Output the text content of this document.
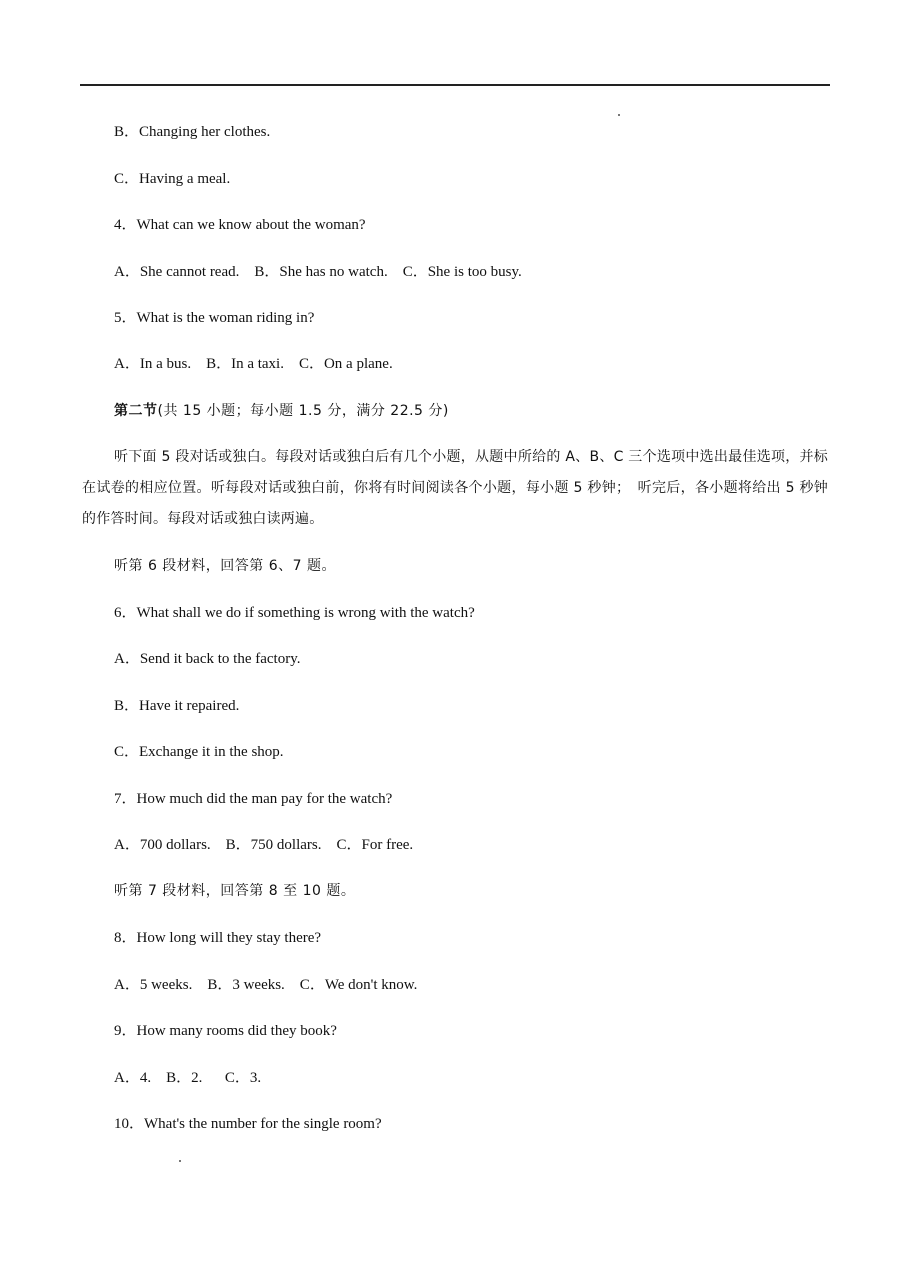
B．Changing her clothes.
C．Having a meal.
4．What can we know about the woman?
A．She cannot read.    B．She has no watch.    C．She is too busy.
5．What is the woman riding in?
A．In a bus.    B．In a taxi.    C．On a plane.
第二节(共 15 小题；每小题 1.5 分，满分 22.5 分)
听下面 5 段对话或独白。每段对话或独白后有几个小题，从题中所给的 A、B、C 三个选项中选出最佳选项，并标在试卷的相应位置。听每段对话或独白前，你将有时间阅读各个小题，每小题 5 秒钟；　听完后，各小题将给出 5 秒钟的作答时间。每段对话或独白读两遍。
听第 6 段材料，回答第 6、7 题。
6．What shall we do if something is wrong with the watch?
A．Send it back to the factory.
B．Have it repaired.
C．Exchange it in the shop.
7．How much did the man pay for the watch?
A．700 dollars.    B．750 dollars.    C．For free.
听第 7 段材料，回答第 8 至 10 题。
8．How long will they stay there?
A．5 weeks.    B．3 weeks.    C．We don't know.
9．How many rooms did they book?
A．4.    B．2.      C．3.
10．What's the number for the single room?
